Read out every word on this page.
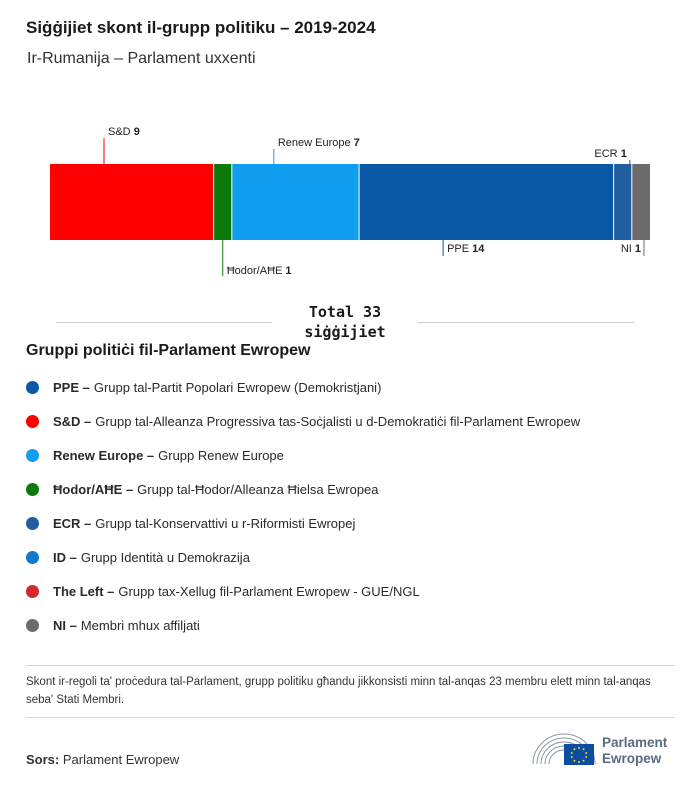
Siġġijiet skont il-grupp politiku – 2019-2024
Ir-Rumanija – Parlament uxxenti
S&D 9
Ħodor/AĦE 1
Renew Europe 7
PPE 14
ECR 1
NI 1
Total 33
siġġijiet
Gruppi politiċi fil-Parlament Ewropew
PPE – Grupp tal-Partit Popolari Ewropew (Demokristjani)
S&D – Grupp tal-Alleanza Progressiva tas-Soċjalisti u d-Demokratiċi fil-Parlament Ewropew
Renew Europe – Grupp Renew Europe
Ħodor/AĦE – Grupp tal-Ħodor/Alleanza Ħielsa Ewropea
ECR – Grupp tal-Konservattivi u r-Riformisti Ewropej
ID – Grupp Identità u Demokrazija
The Left – Grupp tax-Xellug fil-Parlament Ewropew - GUE/NGL
NI – Membri mhux affiljati
Skont ir-regoli ta' proċedura tal-Parlament, grupp politiku għandu jikkonsisti minn tal-anqas 23 membru elett minn tal-anqas seba' Stati Membri.
Sors: Parlament Ewropew
Parlament
Ewropew
